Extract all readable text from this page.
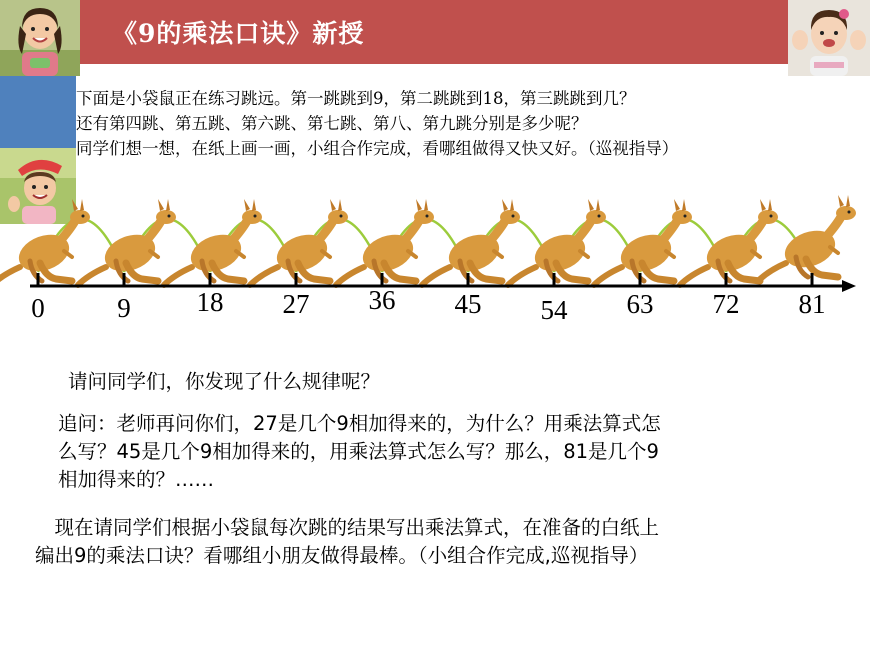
《9的乘法口诀》新授
下面是小袋鼠正在练习跳远。第一跳跳到9，第二跳跳到18，第三跳跳到几？
还有第四跳、第五跳、第六跳、第七跳、第八、第九跳分别是多少呢？
同学们想一想，在纸上画一画，小组合作完成，看哪组做得又快又好。（巡视指导）
0	9 18 27 36 45 54 63 72 81
请问同学们，你发现了什么规律呢？
追问：老师再问你们，27是几个9相加得来的，为什么？用乘法算式怎
么写？45是几个9相加得来的，用乘法算式怎么写？那么，81是几个9
相加得来的？……
　现在请同学们根据小袋鼠每次跳的结果写出乘法算式，在准备的白纸上
编出9的乘法口诀？看哪组小朋友做得最棒。（小组合作完成,巡视指导）
